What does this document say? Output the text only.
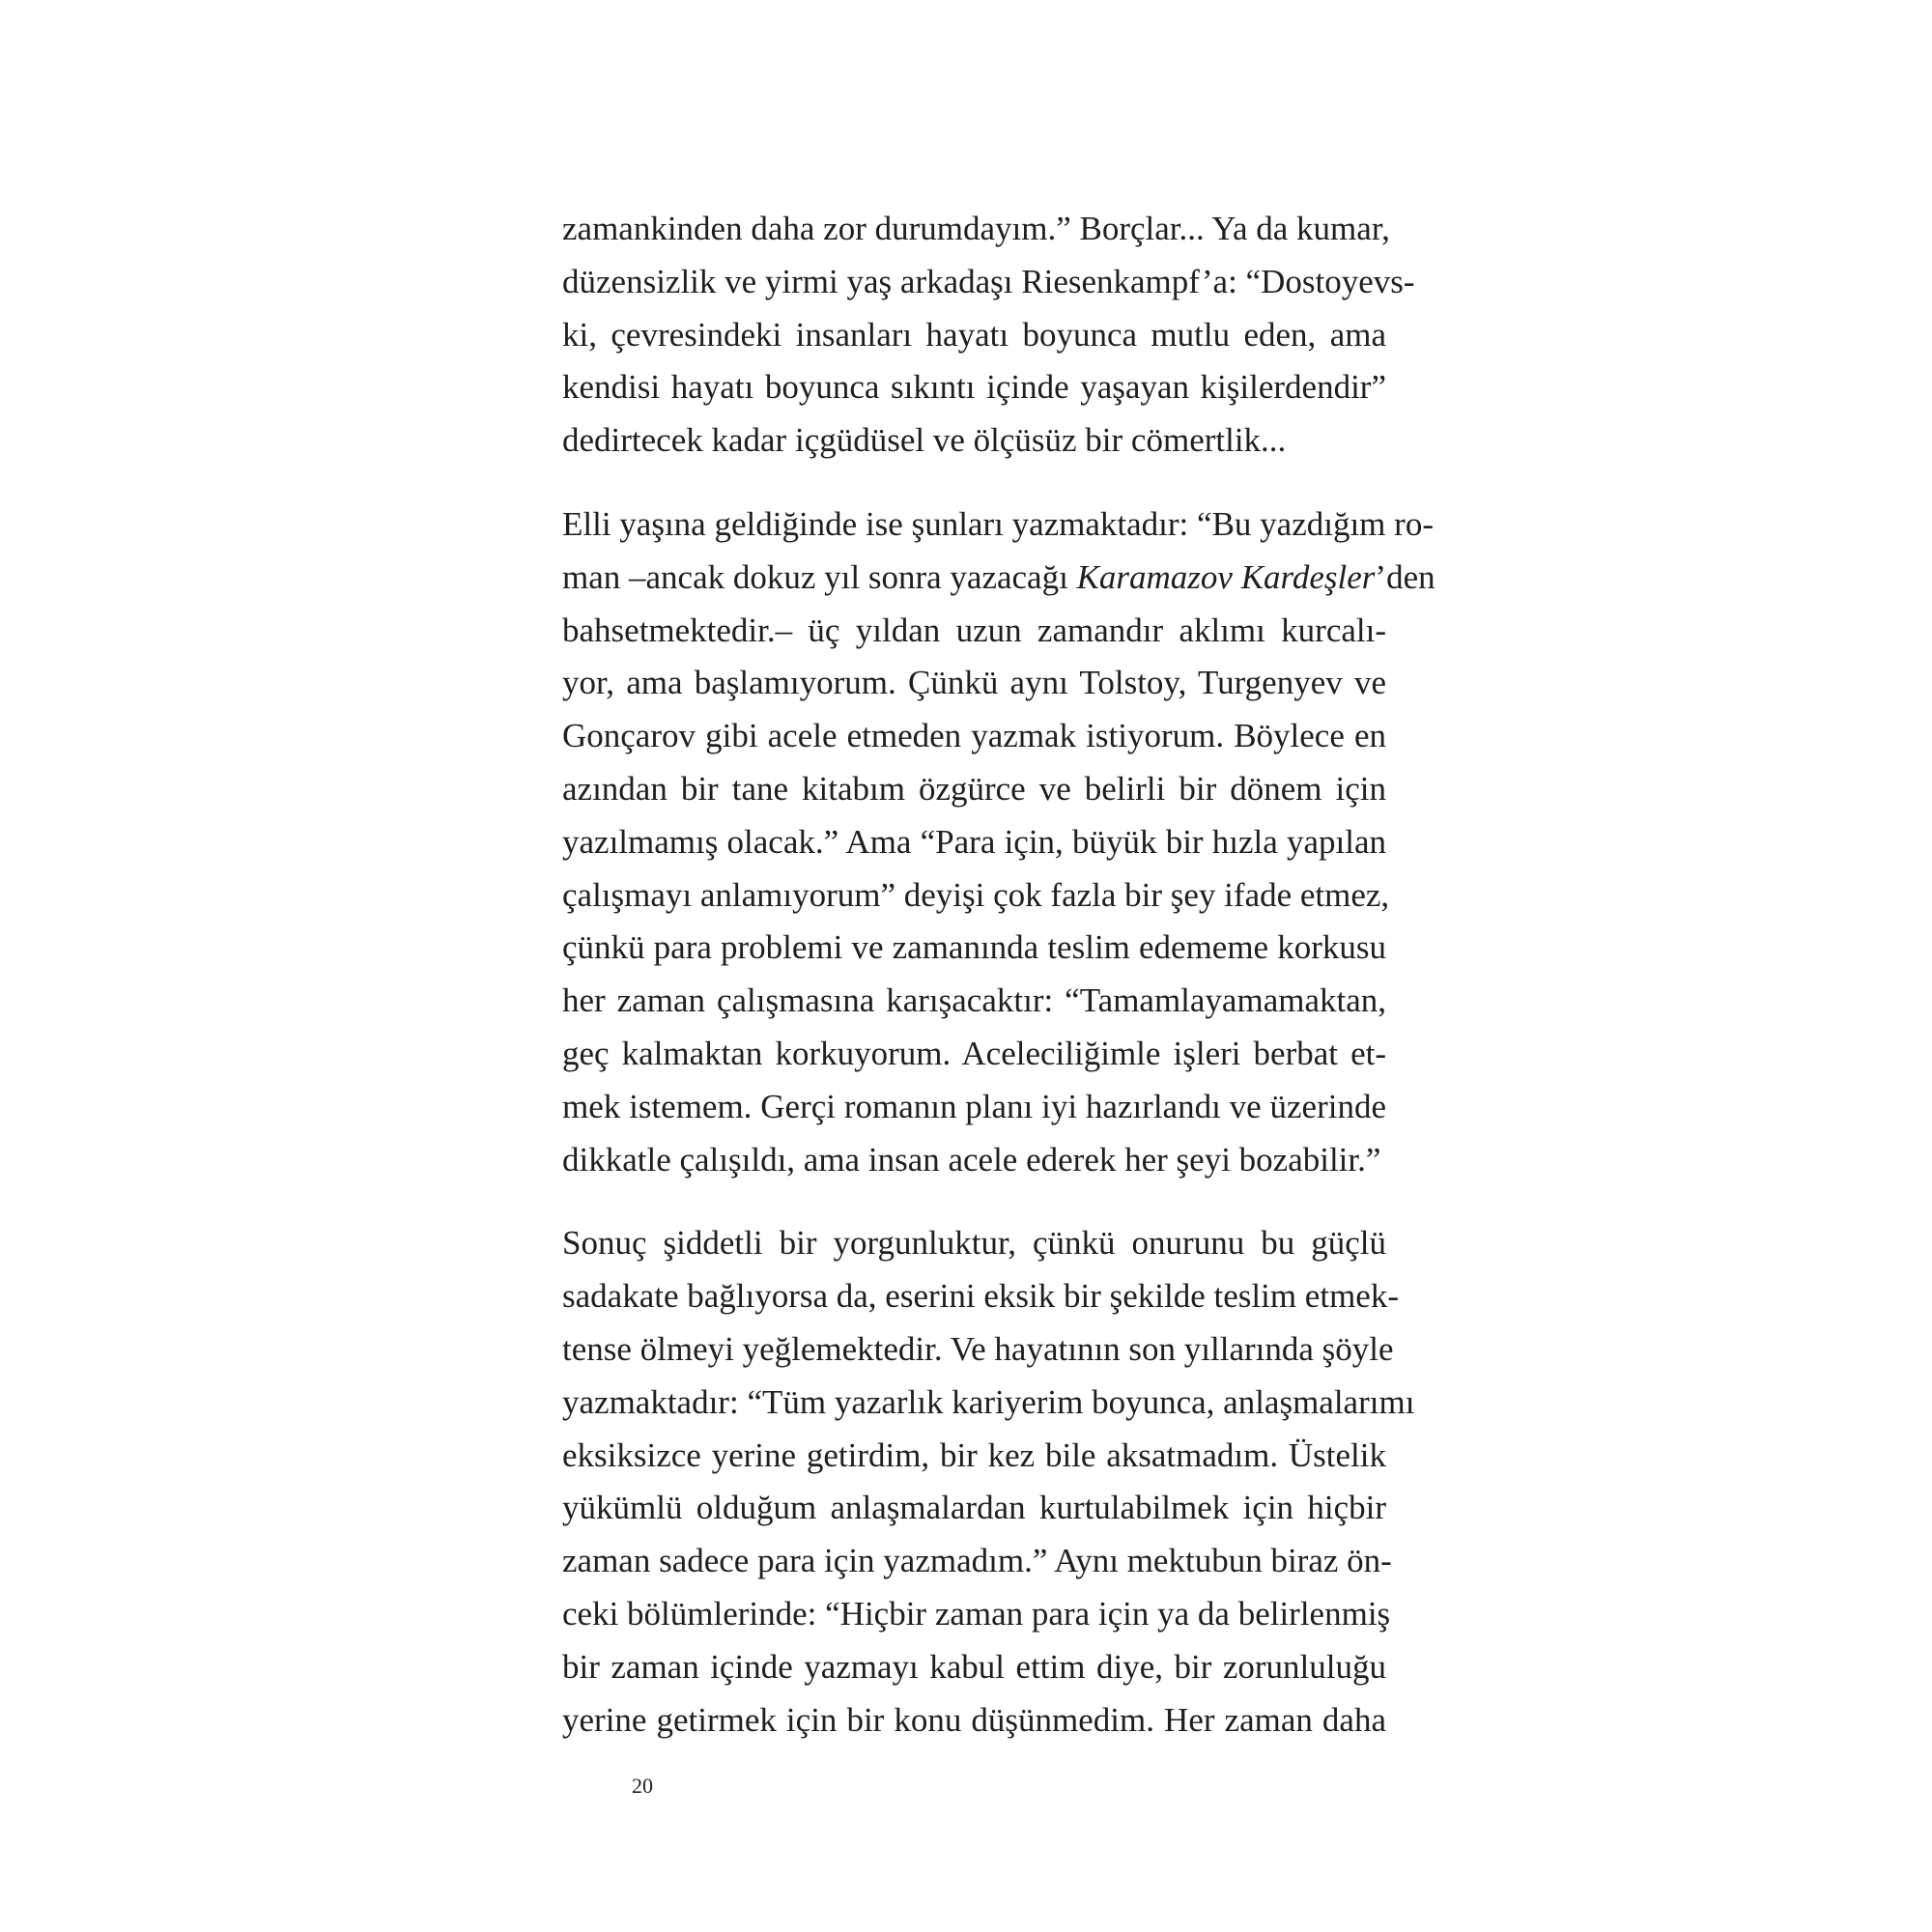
zamankinden daha zor durumdayım.” Borçlar... Ya da kumar,
düzensizlik ve yirmi yaş arkadaşı Riesenkampf’a: “Dostoyevs-
ki, çevresindeki insanları hayatı boyunca mutlu eden, ama
kendisi hayatı boyunca sıkıntı içinde yaşayan kişilerdendir”
dedirtecek kadar içgüdüsel ve ölçüsüz bir cömertlik...
Elli yaşına geldiğinde ise şunları yazmaktadır: “Bu yazdığım ro-
man –ancak dokuz yıl sonra yazacağı Karamazov Kardeşler’den
bahsetmektedir.– üç yıldan uzun zamandır aklımı kurcalı-
yor, ama başlamıyorum. Çünkü aynı Tolstoy, Turgenyev ve
Gonçarov gibi acele etmeden yazmak istiyorum. Böylece en
azından bir tane kitabım özgürce ve belirli bir dönem için
yazılmamış olacak.” Ama “Para için, büyük bir hızla yapılan
çalışmayı anlamıyorum” deyişi çok fazla bir şey ifade etmez,
çünkü para problemi ve zamanında teslim edememe korkusu
her zaman çalışmasına karışacaktır: “Tamamlayamamaktan,
geç kalmaktan korkuyorum. Aceleciliğimle işleri berbat et-
mek istemem. Gerçi romanın planı iyi hazırlandı ve üzerinde
dikkatle çalışıldı, ama insan acele ederek her şeyi bozabilir.”
Sonuç şiddetli bir yorgunluktur, çünkü onurunu bu güçlü
sadakate bağlıyorsa da, eserini eksik bir şekilde teslim etmek-
tense ölmeyi yeğlemektedir. Ve hayatının son yıllarında şöyle
yazmaktadır: “Tüm yazarlık kariyerim boyunca, anlaşmalarımı
eksiksizce yerine getirdim, bir kez bile aksatmadım. Üstelik
yükümlü olduğum anlaşmalardan kurtulabilmek için hiçbir
zaman sadece para için yazmadım.” Aynı mektubun biraz ön-
ceki bölümlerinde: “Hiçbir zaman para için ya da belirlenmiş
bir zaman içinde yazmayı kabul ettim diye, bir zorunluluğu
yerine getirmek için bir konu düşünmedim. Her zaman daha
20
